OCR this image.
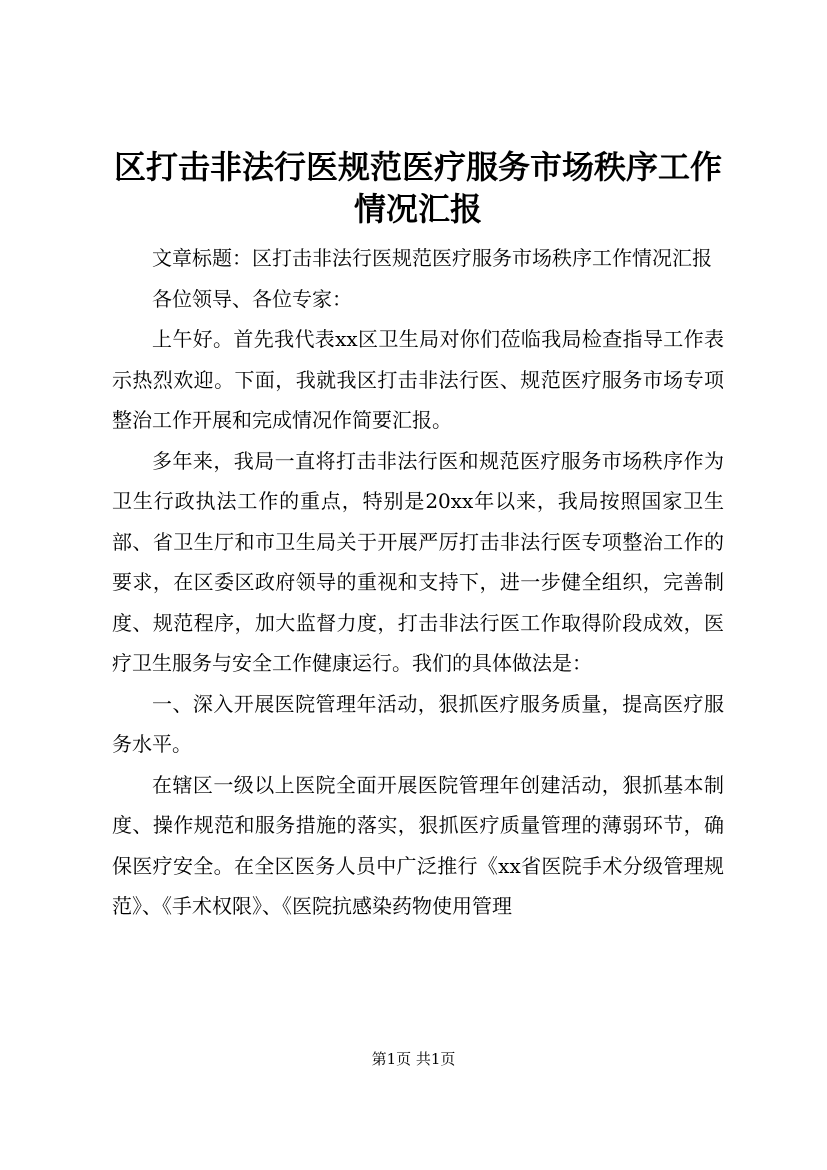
区打击非法行医规范医疗服务市场秩序工作情况汇报

文章标题：区打击非法行医规范医疗服务市场秩序工作情况汇报

各位领导、各位专家：

上午好。首先我代表xx区卫生局对你们莅临我局检查指导工作表示热烈欢迎。下面，我就我区打击非法行医、规范医疗服务市场专项整治工作开展和完成情况作简要汇报。

多年来，我局一直将打击非法行医和规范医疗服务市场秩序作为卫生行政执法工作的重点，特别是20xx年以来，我局按照国家卫生部、省卫生厅和市卫生局关于开展严厉打击非法行医专项整治工作的要求，在区委区政府领导的重视和支持下，进一步健全组织，完善制度、规范程序，加大监督力度，打击非法行医工作取得阶段成效，医疗卫生服务与安全工作健康运行。我们的具体做法是：

一、深入开展医院管理年活动，狠抓医疗服务质量，提高医疗服务水平。

在辖区一级以上医院全面开展医院管理年创建活动，狠抓基本制度、操作规范和服务措施的落实，狠抓医疗质量管理的薄弱环节，确保医疗安全。在全区医务人员中广泛推行《xx省医院手术分级管理规范》、《手术权限》、《医院抗感染药物使用管理

第1页 共1页
